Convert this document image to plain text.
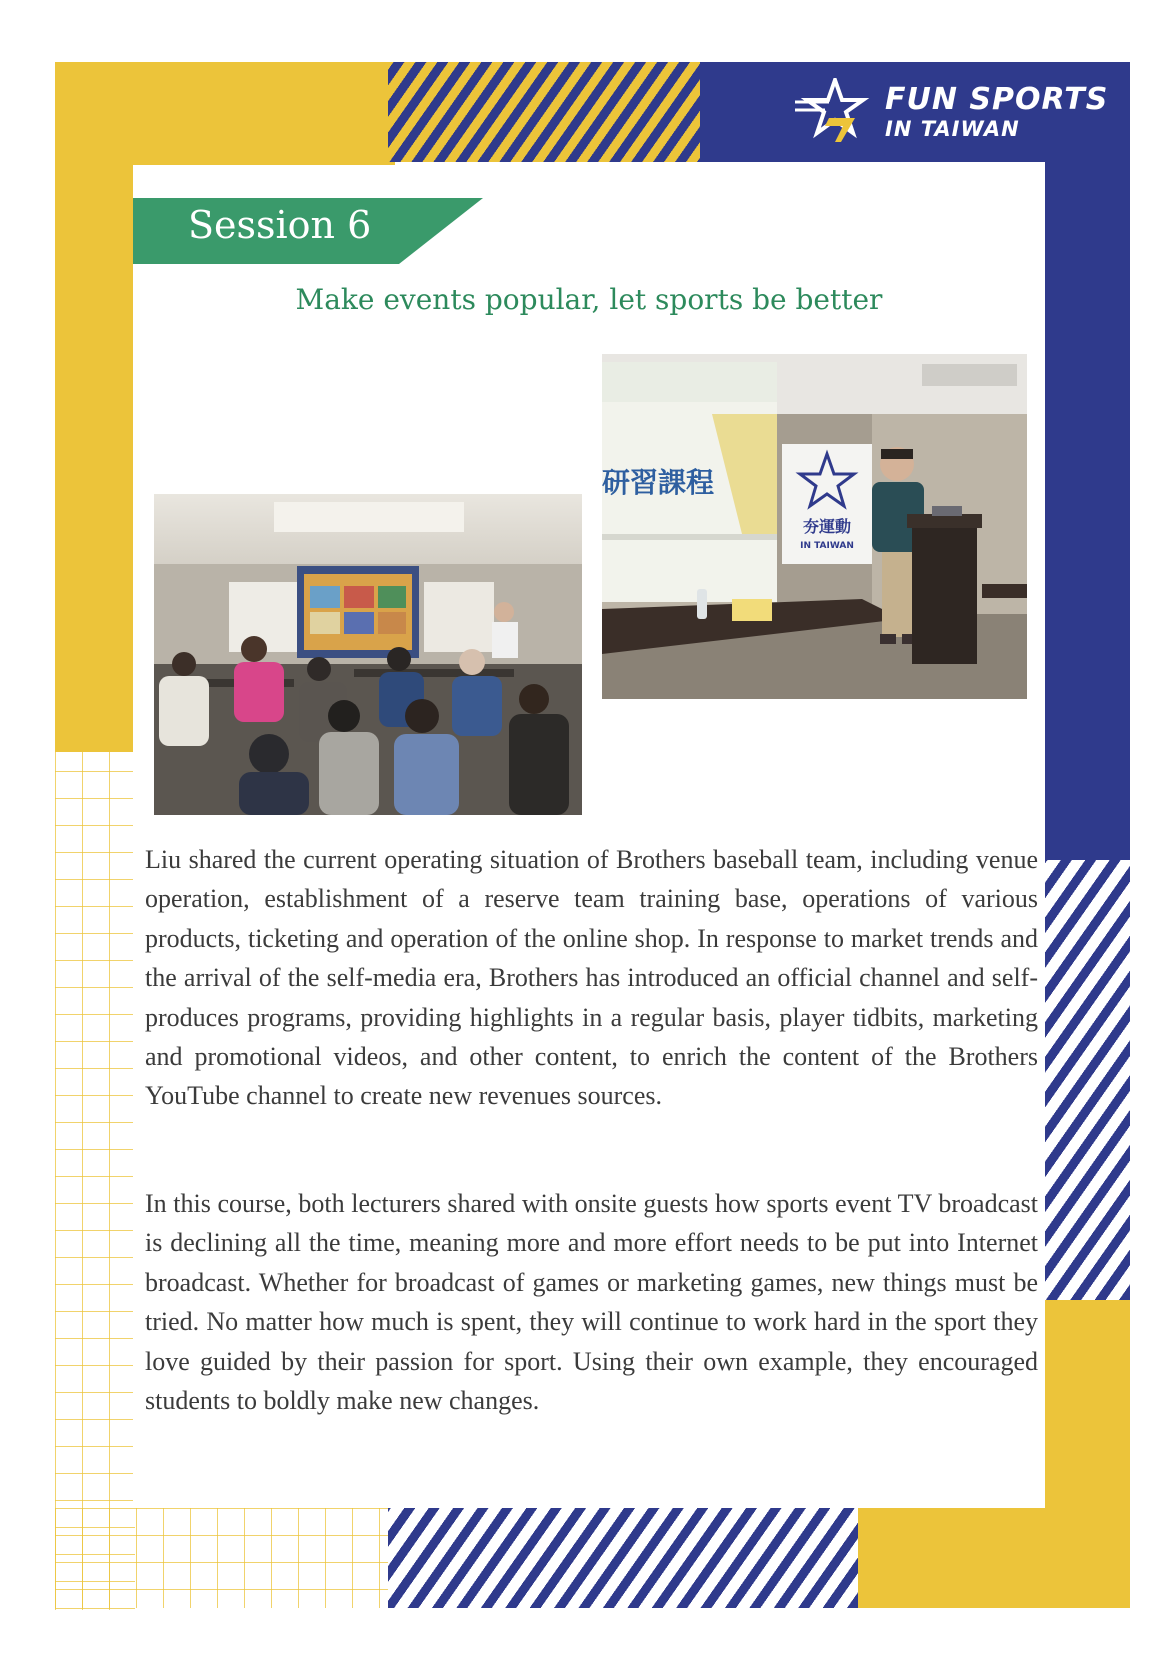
FUN SPORTS
IN TAIWAN
Session 6
Make events popular, let sports be better
研習課程
夯運動
IN TAIWAN

Liu shared the current operating situation of Brothers baseball team, including venue operation, establishment of a reserve team training base, operations of various products, ticketing and operation of the online shop. In response to market trends and the arrival of the self-media era, Brothers has introduced an official channel and self-produces programs, providing highlights in a regular basis, player tidbits, marketing and promotional videos, and other content, to enrich the content of the Brothers YouTube channel to create new revenues sources.

In this course, both lecturers shared with onsite guests how sports event TV broadcast is declining all the time, meaning more and more effort needs to be put into Internet broadcast. Whether for broadcast of games or marketing games, new things must be tried. No matter how much is spent, they will continue to work hard in the sport they love guided by their passion for sport. Using their own example, they encouraged students to boldly make new changes.
